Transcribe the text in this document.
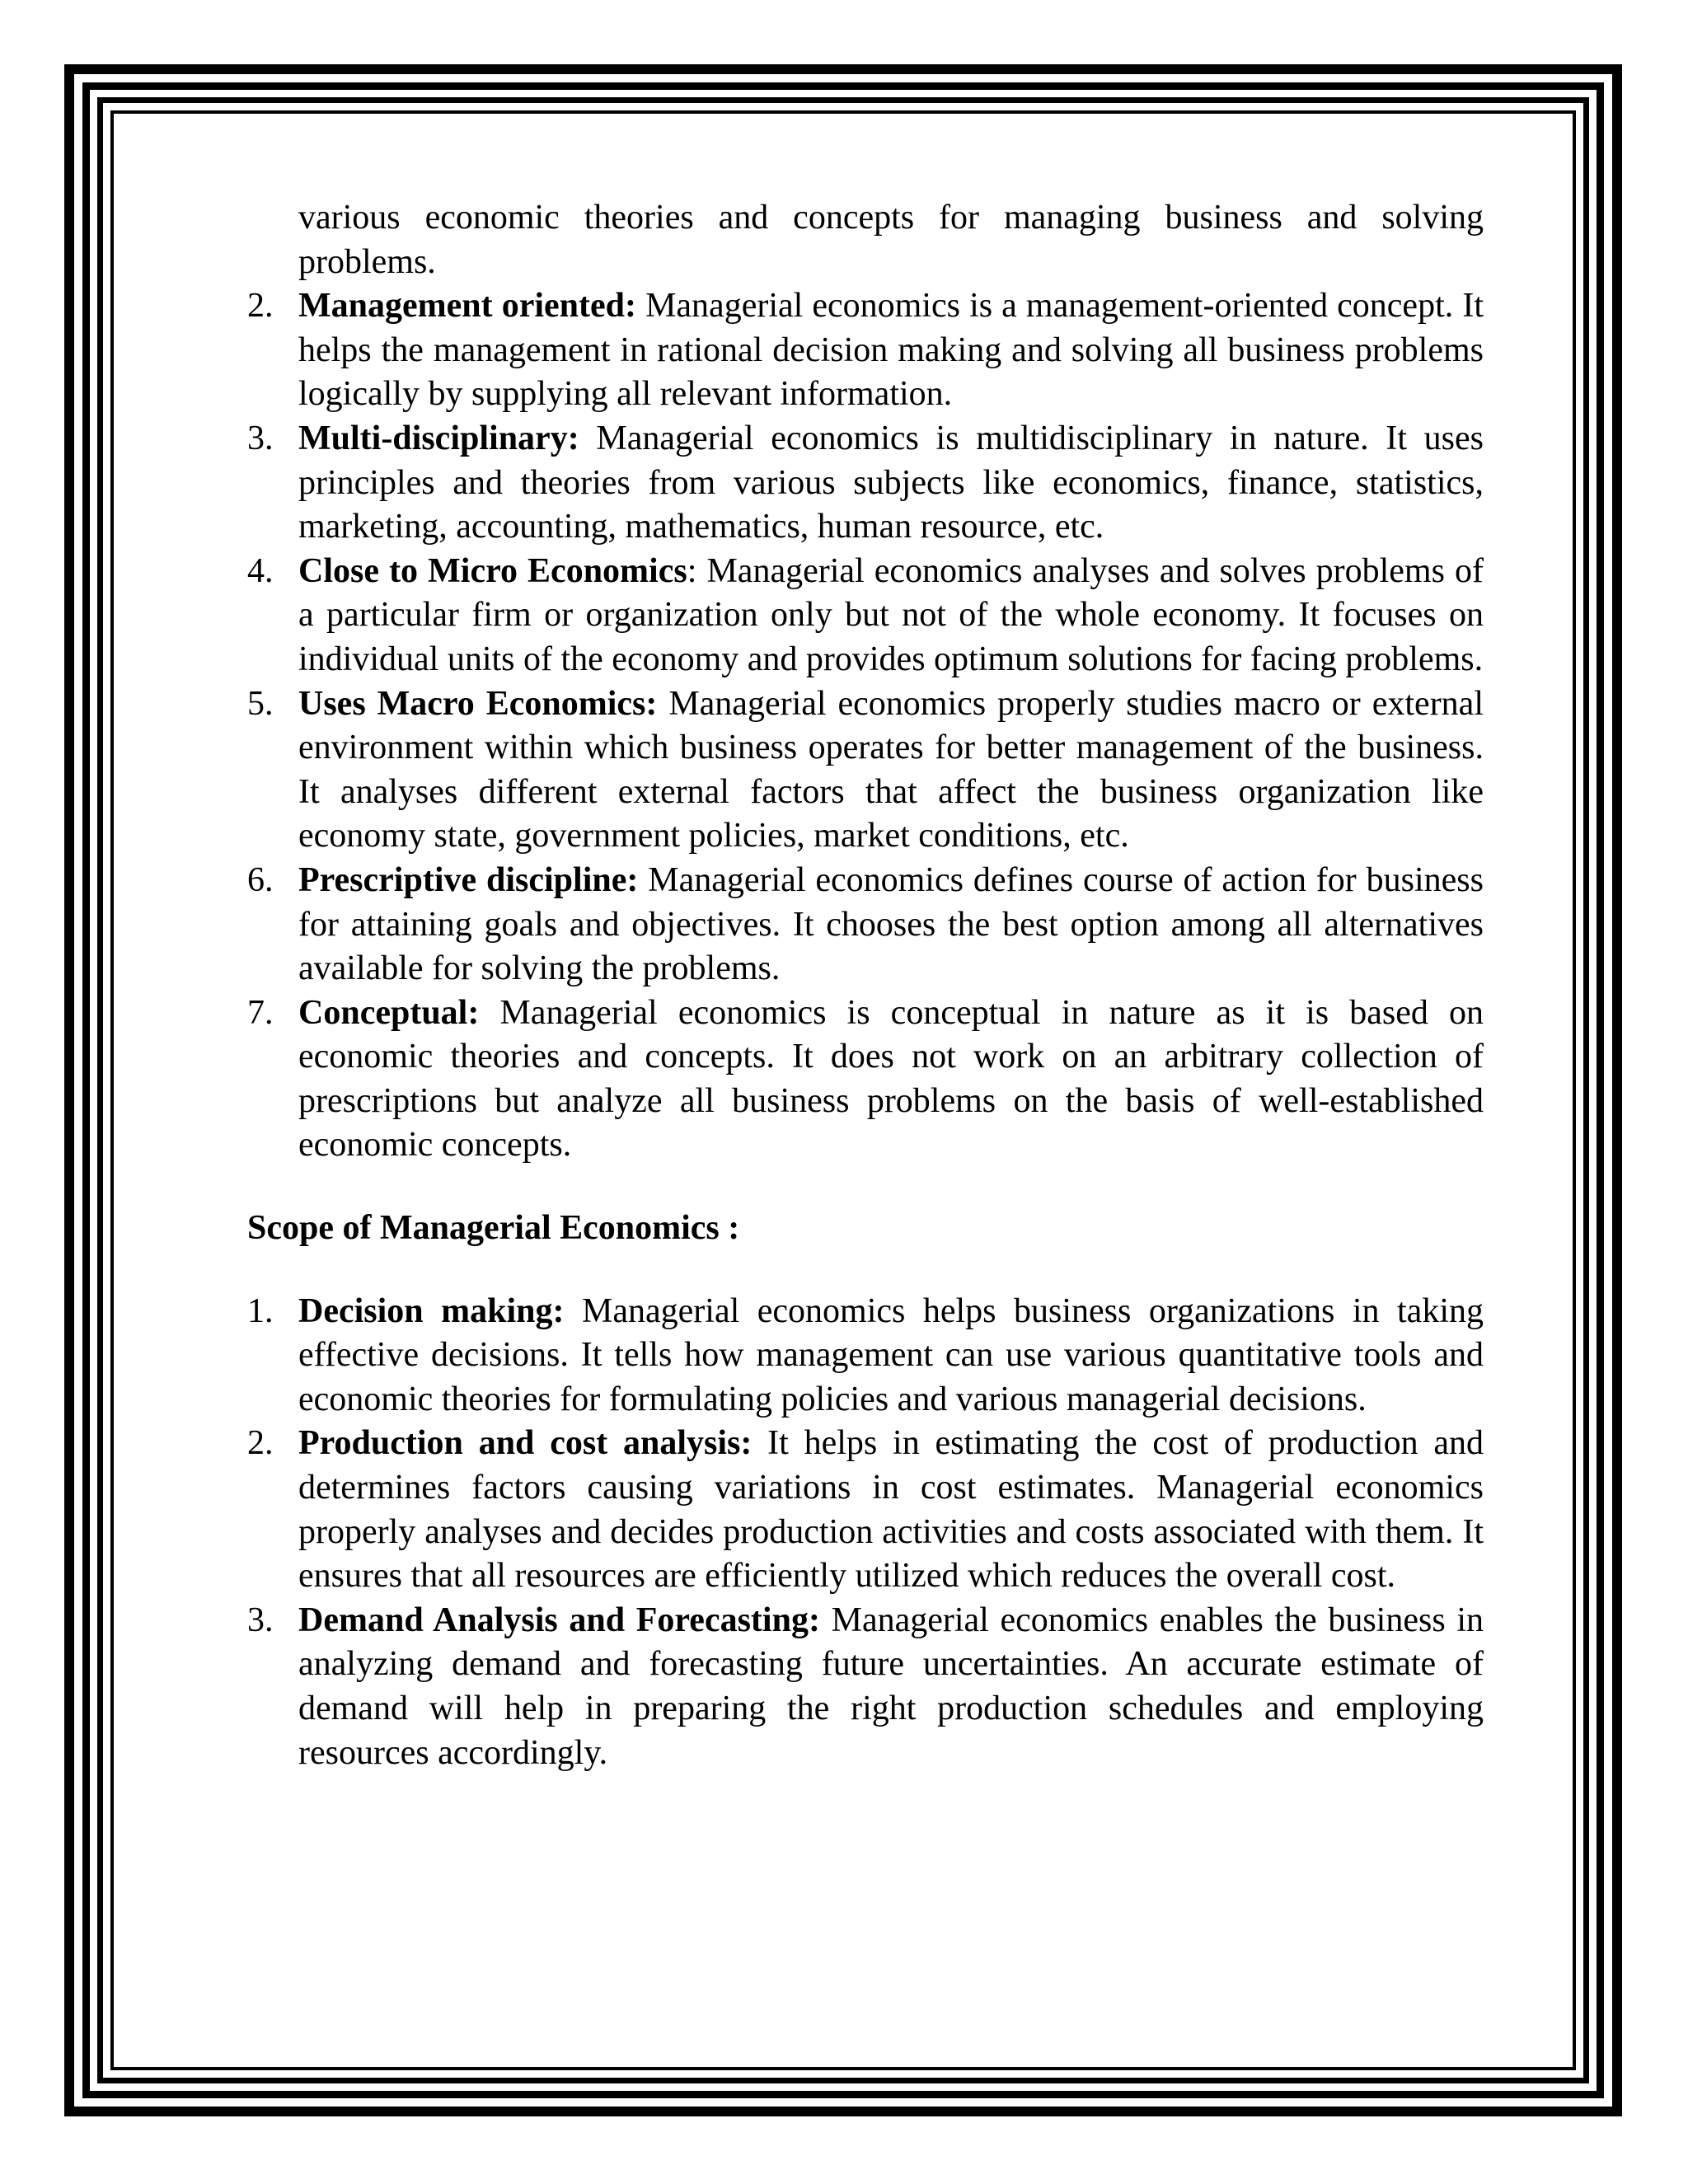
various economic theories and concepts for managing business and solving problems.

2. Management oriented: Managerial economics is a management-oriented concept. It helps the management in rational decision making and solving all business problems logically by supplying all relevant information.
3. Multi-disciplinary: Managerial economics is multidisciplinary in nature. It uses principles and theories from various subjects like economics, finance, statistics, marketing, accounting, mathematics, human resource, etc.
4. Close to Micro Economics: Managerial economics analyses and solves problems of a particular firm or organization only but not of the whole economy. It focuses on individual units of the economy and provides optimum solutions for facing problems.
5. Uses Macro Economics: Managerial economics properly studies macro or external environment within which business operates for better management of the business. It analyses different external factors that affect the business organization like economy state, government policies, market conditions, etc.
6. Prescriptive discipline: Managerial economics defines course of action for business for attaining goals and objectives. It chooses the best option among all alternatives available for solving the problems.
7. Conceptual: Managerial economics is conceptual in nature as it is based on economic theories and concepts. It does not work on an arbitrary collection of prescriptions but analyze all business problems on the basis of well-established economic concepts.
Scope of Managerial Economics :
1. Decision making: Managerial economics helps business organizations in taking effective decisions. It tells how management can use various quantitative tools and economic theories for formulating policies and various managerial decisions.
2. Production and cost analysis: It helps in estimating the cost of production and determines factors causing variations in cost estimates. Managerial economics properly analyses and decides production activities and costs associated with them. It ensures that all resources are efficiently utilized which reduces the overall cost.
3. Demand Analysis and Forecasting: Managerial economics enables the business in analyzing demand and forecasting future uncertainties. An accurate estimate of demand will help in preparing the right production schedules and employing resources accordingly.
